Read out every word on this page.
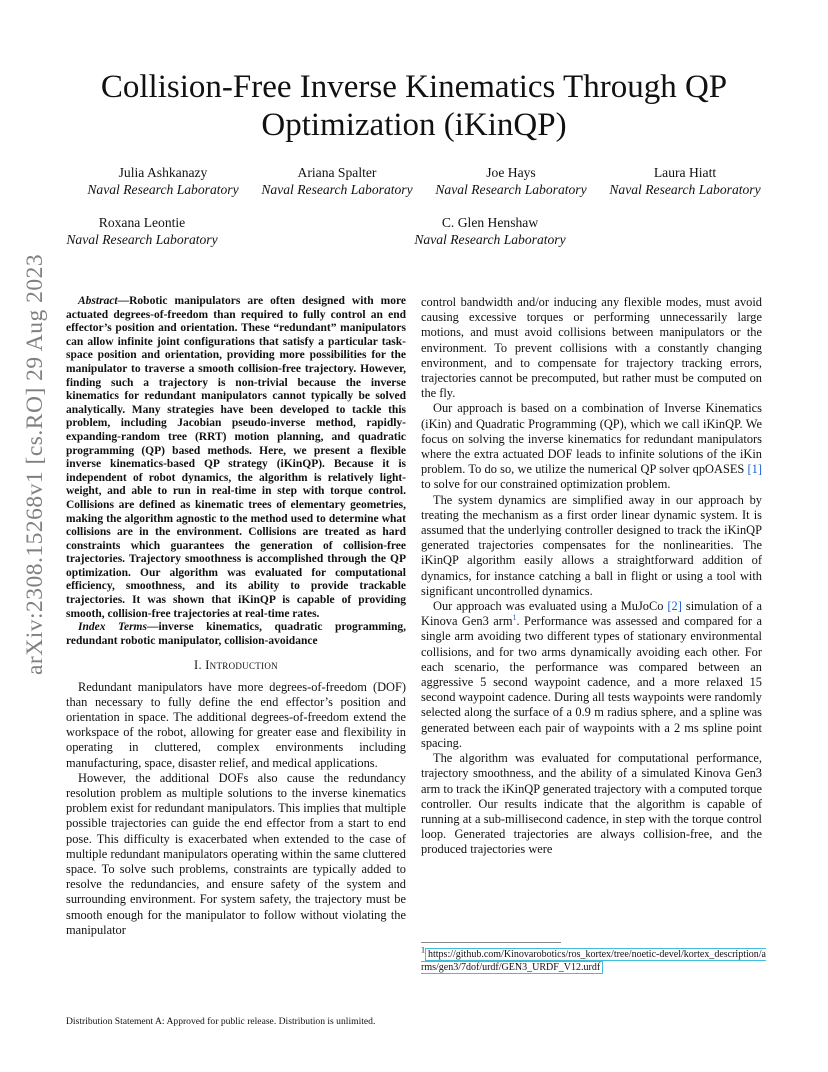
arXiv:2308.15268v1 [cs.RO] 29 Aug 2023
Collision-Free Inverse Kinematics Through QP Optimization (iKinQP)
Julia Ashkanazy
Naval Research Laboratory
Ariana Spalter
Naval Research Laboratory
Joe Hays
Naval Research Laboratory
Laura Hiatt
Naval Research Laboratory
Roxana Leontie
Naval Research Laboratory
C. Glen Henshaw
Naval Research Laboratory

Abstract—Robotic manipulators are often designed with more actuated degrees-of-freedom than required to fully control an end effector’s position and orientation. These “redundant” manipulators can allow infinite joint configurations that satisfy a particular task-space position and orientation, providing more possibilities for the manipulator to traverse a smooth collision-free trajectory. However, finding such a trajectory is non-trivial because the inverse kinematics for redundant manipulators cannot typically be solved analytically. Many strategies have been developed to tackle this problem, including Jacobian pseudo-inverse method, rapidly-expanding-random tree (RRT) motion planning, and quadratic programming (QP) based methods. Here, we present a flexible inverse kinematics-based QP strategy (iKinQP). Because it is independent of robot dynamics, the algorithm is relatively light-weight, and able to run in real-time in step with torque control. Collisions are defined as kinematic trees of elementary geometries, making the algorithm agnostic to the method used to determine what collisions are in the environment. Collisions are treated as hard constraints which guarantees the generation of collision-free trajectories. Trajectory smoothness is accomplished through the QP optimization. Our algorithm was evaluated for computational efficiency, smoothness, and its ability to provide trackable trajectories. It was shown that iKinQP is capable of providing smooth, collision-free trajectories at real-time rates.

Index Terms—inverse kinematics, quadratic programming, redundant robotic manipulator, collision-avoidance

I. Introduction

Redundant manipulators have more degrees-of-freedom (DOF) than necessary to fully define the end effector’s position and orientation in space. The additional degrees-of-freedom extend the workspace of the robot, allowing for greater ease and flexibility in operating in cluttered, complex environments including manufacturing, space, disaster relief, and medical applications.

However, the additional DOFs also cause the redundancy resolution problem as multiple solutions to the inverse kinematics problem exist for redundant manipulators. This implies that multiple possible trajectories can guide the end effector from a start to end pose. This difficulty is exacerbated when extended to the case of multiple redundant manipulators operating within the same cluttered space. To solve such problems, constraints are typically added to resolve the redundancies, and ensure safety of the system and surrounding environment. For system safety, the trajectory must be smooth enough for the manipulator to follow without violating the manipulator

control bandwidth and/or inducing any flexible modes, must avoid causing excessive torques or performing unnecessarily large motions, and must avoid collisions between manipulators or the environment. To prevent collisions with a constantly changing environment, and to compensate for trajectory tracking errors, trajectories cannot be precomputed, but rather must be computed on the fly.

Our approach is based on a combination of Inverse Kinematics (iKin) and Quadratic Programming (QP), which we call iKinQP. We focus on solving the inverse kinematics for redundant manipulators where the extra actuated DOF leads to infinite solutions of the iKin problem. To do so, we utilize the numerical QP solver qpOASES [1] to solve for our constrained optimization problem.

The system dynamics are simplified away in our approach by treating the mechanism as a first order linear dynamic system. It is assumed that the underlying controller designed to track the iKinQP generated trajectories compensates for the nonlinearities. The iKinQP algorithm easily allows a straightforward addition of dynamics, for instance catching a ball in flight or using a tool with significant uncontrolled dynamics.

Our approach was evaluated using a MuJoCo [2] simulation of a Kinova Gen3 arm$^1$. Performance was assessed and compared for a single arm avoiding two different types of stationary environmental collisions, and for two arms dynamically avoiding each other. For each scenario, the performance was compared between an aggressive 5 second waypoint cadence, and a more relaxed 15 second waypoint cadence. During all tests waypoints were randomly selected along the surface of a 0.9 m radius sphere, and a spline was generated between each pair of waypoints with a 2 ms spline point spacing.

The algorithm was evaluated for computational performance, trajectory smoothness, and the ability of a simulated Kinova Gen3 arm to track the iKinQP generated trajectory with a computed torque controller. Our results indicate that the algorithm is capable of running at a sub-millisecond cadence, in step with the torque control loop. Generated trajectories are always collision-free, and the produced trajectories were

$^1$ https://github.com/Kinovarobotics/ros_kortex/tree/noetic-devel/kortex_description/arms/gen3/7dof/urdf/GEN3_URDF_V12.urdf
Distribution Statement A: Approved for public release. Distribution is unlimited.
